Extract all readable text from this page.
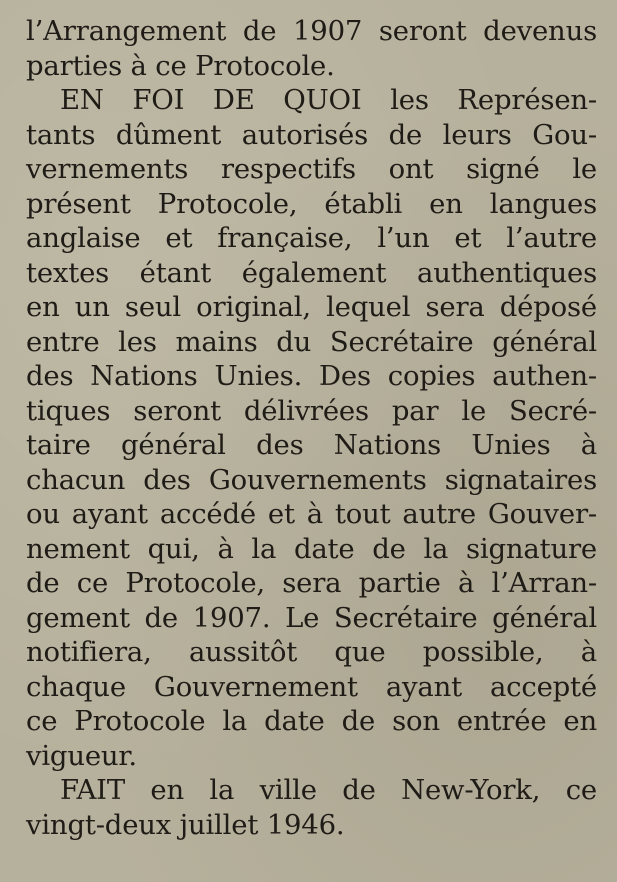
l’Arrangement de 1907 seront devenus
parties à ce Protocole.
EN FOI DE QUOI les Représen-
tants dûment autorisés de leurs Gou-
vernements respectifs ont signé le
présent Protocole, établi en langues
anglaise et française, l’un et l’autre
textes étant également authentiques
en un seul original, lequel sera déposé
entre les mains du Secrétaire général
des Nations Unies. Des copies authen-
tiques seront délivrées par le Secré-
taire général des Nations Unies à
chacun des Gouvernements signataires
ou ayant accédé et à tout autre Gouver-
nement qui, à la date de la signature
de ce Protocole, sera partie à l’Arran-
gement de 1907. Le Secrétaire général
notifiera, aussitôt que possible, à
chaque Gouvernement ayant accepté
ce Protocole la date de son entrée en
vigueur.
FAIT en la ville de New-York, ce
vingt-deux juillet 1946.
